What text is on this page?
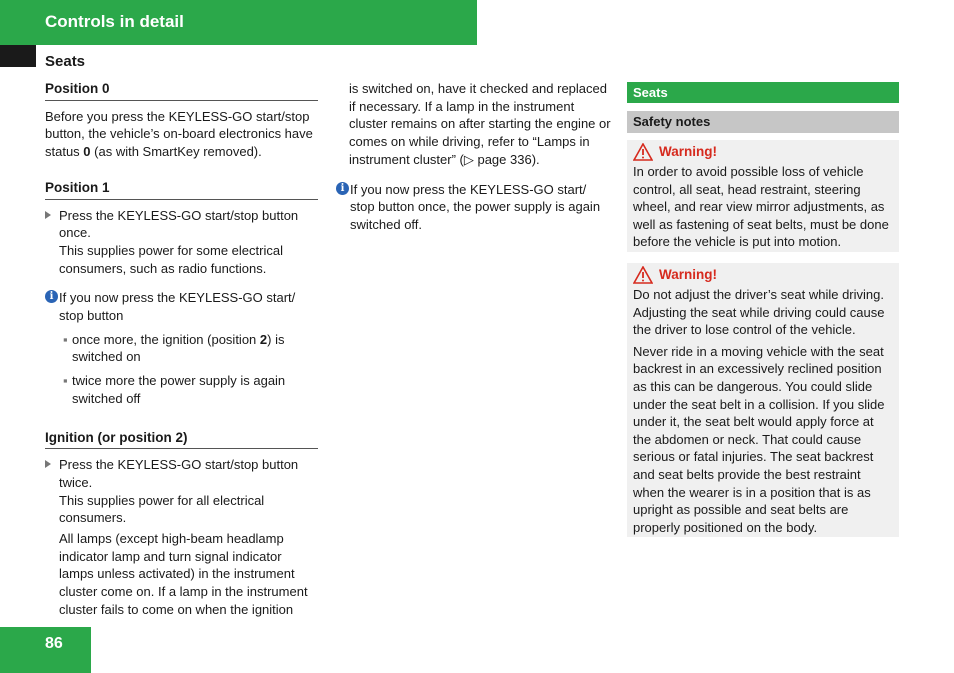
Controls in detail
Seats
Position 0

Before you press the KEYLESS-GO start/stop button, the vehicle’s on-board electronics have status 0 (as with SmartKey removed).

Position 1

Press the KEYLESS-GO start/stop button once.

This supplies power for some electrical consumers, such as radio functions.

i If you now press the KEYLESS-GO start/ stop button

▪ once more, the ignition (position 2) is switched on
▪ twice more the power supply is again switched off
Ignition (or position 2)

Press the KEYLESS-GO start/stop button twice.

This supplies power for all electrical consumers.

All lamps (except high-beam headlamp indicator lamp and turn signal indicator lamps unless activated) in the instrument cluster come on. If a lamp in the instrument cluster fails to come on when the ignition

is switched on, have it checked and replaced if necessary. If a lamp in the instrument cluster remains on after starting the engine or comes on while driving, refer to “Lamps in instrument cluster” (▷ page 336).

i If you now press the KEYLESS-GO start/ stop button once, the power supply is again switched off.

Seats
Safety notes
Warning!

In order to avoid possible loss of vehicle control, all seat, head restraint, steering wheel, and rear view mirror adjustments, as well as fastening of seat belts, must be done before the vehicle is put into motion.

Warning!

Do not adjust the driver’s seat while driving. Adjusting the seat while driving could cause the driver to lose control of the vehicle.

Never ride in a moving vehicle with the seat backrest in an excessively reclined position as this can be dangerous. You could slide under the seat belt in a collision. If you slide under it, the seat belt would apply force at the abdomen or neck. That could cause serious or fatal injuries. The seat backrest and seat belts provide the best restraint when the wearer is in a position that is as upright as possible and seat belts are properly positioned on the body.

86
